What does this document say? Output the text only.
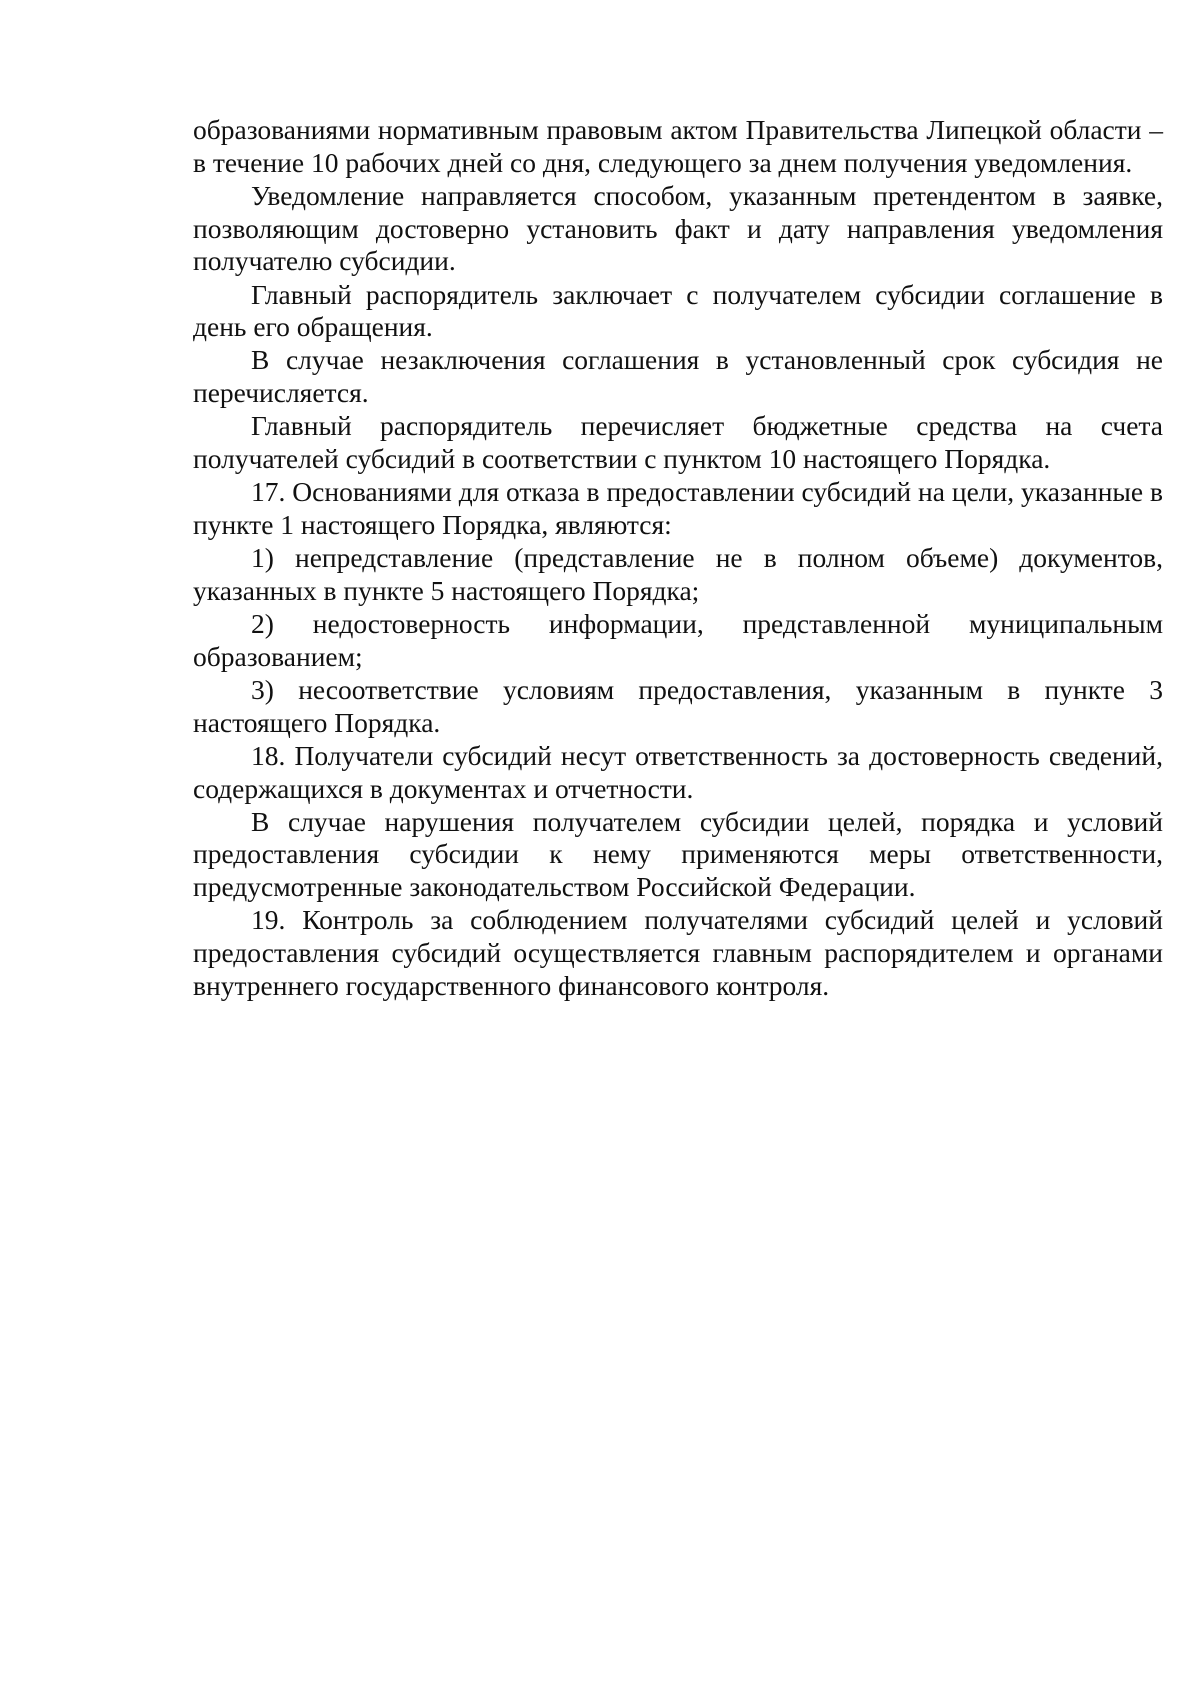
образованиями нормативным правовым актом Правительства Липецкой области – в течение 10 рабочих дней со дня, следующего за днем получения уведомления.

Уведомление направляется способом, указанным претендентом в заявке, позволяющим достоверно установить факт и дату направления уведомления получателю субсидии.

Главный распорядитель заключает с получателем субсидии соглашение в день его обращения.

В случае незаключения соглашения в установленный срок субсидия не перечисляется.

Главный распорядитель перечисляет бюджетные средства на счета получателей субсидий в соответствии с пунктом 10 настоящего Порядка.

17. Основаниями для отказа в предоставлении субсидий на цели, указанные в пункте 1 настоящего Порядка, являются:

1) непредставление (представление не в полном объеме) документов, указанных в пункте 5 настоящего Порядка;

2) недостоверность информации, представленной муниципальным образованием;

3) несоответствие условиям предоставления, указанным в пункте 3 настоящего Порядка.

18. Получатели субсидий несут ответственность за достоверность сведений, содержащихся в документах и отчетности.

В случае нарушения получателем субсидии целей, порядка и условий предоставления субсидии к нему применяются меры ответственности, предусмотренные законодательством Российской Федерации.

19. Контроль за соблюдением получателями субсидий целей и условий предоставления субсидий осуществляется главным распорядителем и органами внутреннего государственного финансового контроля.
